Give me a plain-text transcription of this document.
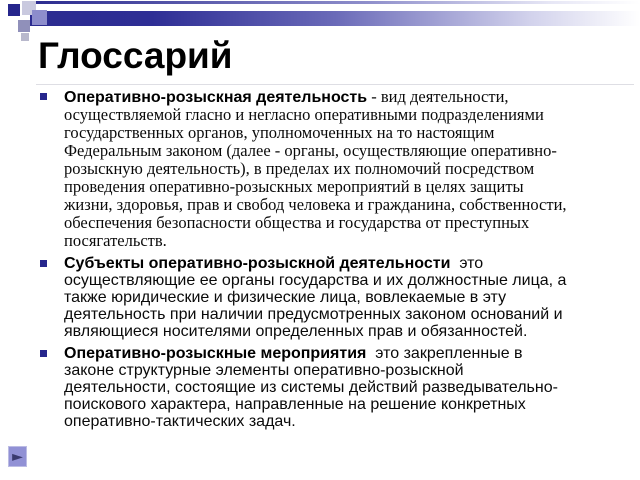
Глоссарий
Оперативно-розыскная деятельность - вид деятельности, осуществляемой гласно и негласно оперативными подразделениями государственных органов, уполномоченных на то настоящим Федеральным законом (далее - органы, осуществляющие оперативно-розыскную деятельность), в пределах их полномочий посредством проведения оперативно-розыскных мероприятий в целях защиты жизни, здоровья, прав и свобод человека и гражданина, собственности, обеспечения безопасности общества и государства от преступных посягательств.
Субъекты оперативно-розыскной деятельности это осуществляющие ее органы государства и их должностные лица, а также юридические и физические лица, вовлекаемые в эту деятельность при наличии предусмотренных законом оснований и являющиеся носителями определенных прав и обязанностей.
Оперативно-розыскные мероприятия это закрепленные в законе структурные элементы оперативно-розыскной деятельности, состоящие из системы действий разведывательно-поискового характера, направленные на решение конкретных оперативно-тактических задач.
►
